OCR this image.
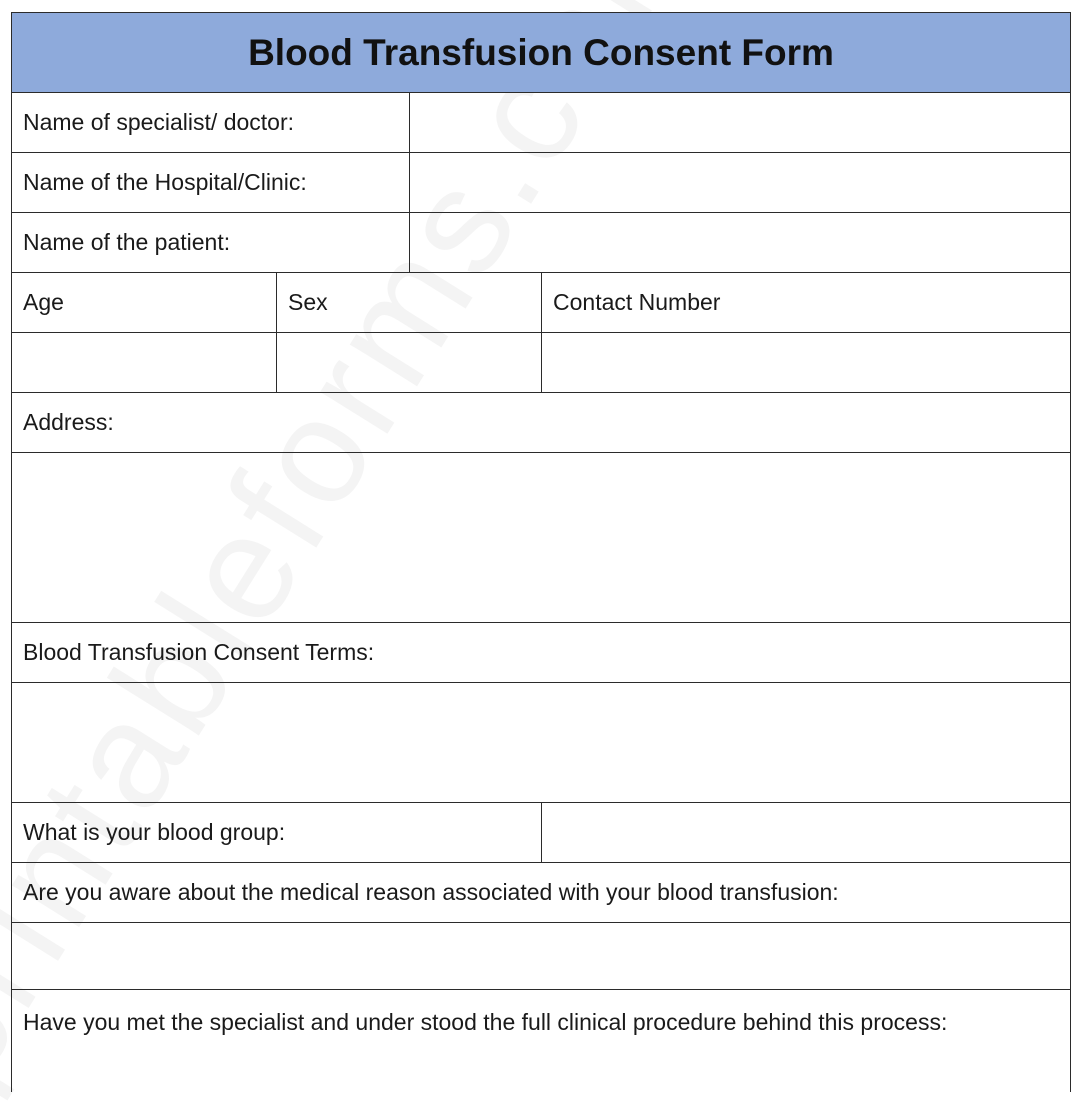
Blood Transfusion Consent Form
Name of specialist/ doctor:
Name of the Hospital/Clinic:
Name of the patient:
Age	Sex	Contact Number
Address:
Blood Transfusion Consent Terms:
What is your blood group:
Are you aware about the medical reason associated with your blood transfusion:
Have you met the specialist and under stood the full clinical procedure behind this process:
